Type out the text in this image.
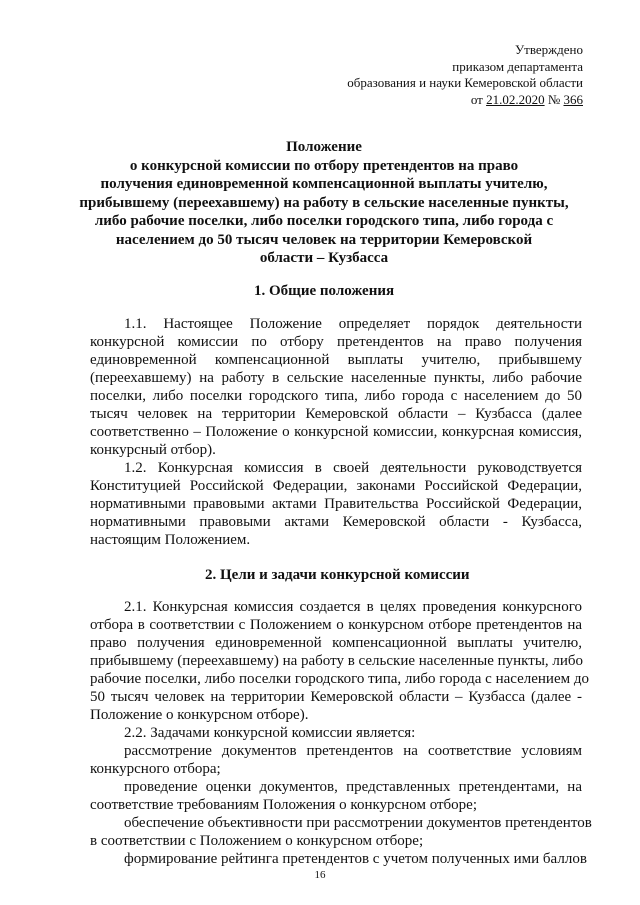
Утверждено
приказом департамента
образования и науки Кемеровской области
от 21.02.2020 № 366
Положение
о конкурсной комиссии по отбору претендентов на право
получения единовременной компенсационной выплаты учителю,
прибывшему (переехавшему) на работу в сельские населенные пункты,
либо рабочие поселки, либо поселки городского типа, либо города с
населением до 50 тысяч человек на территории Кемеровской
области – Кузбасса
1. Общие положения
1.1. Настоящее Положение определяет порядок деятельности
конкурсной комиссии по отбору претендентов на право получения
единовременной компенсационной выплаты учителю, прибывшему
(переехавшему) на работу в сельские населенные пункты, либо рабочие
поселки, либо поселки городского типа, либо города с населением до 50
тысяч человек на территории Кемеровской области – Кузбасса (далее
соответственно – Положение о конкурсной комиссии, конкурсная комиссия,
конкурсный отбор).
1.2. Конкурсная комиссия в своей деятельности руководствуется
Конституцией Российской Федерации, законами Российской Федерации,
нормативными правовыми актами Правительства Российской Федерации,
нормативными правовыми актами Кемеровской области - Кузбасса,
настоящим Положением.
2. Цели и задачи конкурсной комиссии
2.1. Конкурсная комиссия создается в целях проведения конкурсного
отбора в соответствии с Положением о конкурсном отборе претендентов на
право получения единовременной компенсационной выплаты учителю,
прибывшему (переехавшему) на работу в сельские населенные пункты, либо
рабочие поселки, либо поселки городского типа, либо города с населением до
50 тысяч человек на территории Кемеровской области – Кузбасса (далее -
Положение о конкурсном отборе).
2.2. Задачами конкурсной комиссии является:
рассмотрение документов претендентов на соответствие условиям
конкурсного отбора;
проведение оценки документов, представленных претендентами, на
соответствие требованиям Положения о конкурсном отборе;
обеспечение объективности при рассмотрении документов претендентов
в соответствии с Положением о конкурсном отборе;
формирование рейтинга претендентов с учетом полученных ими баллов
16
